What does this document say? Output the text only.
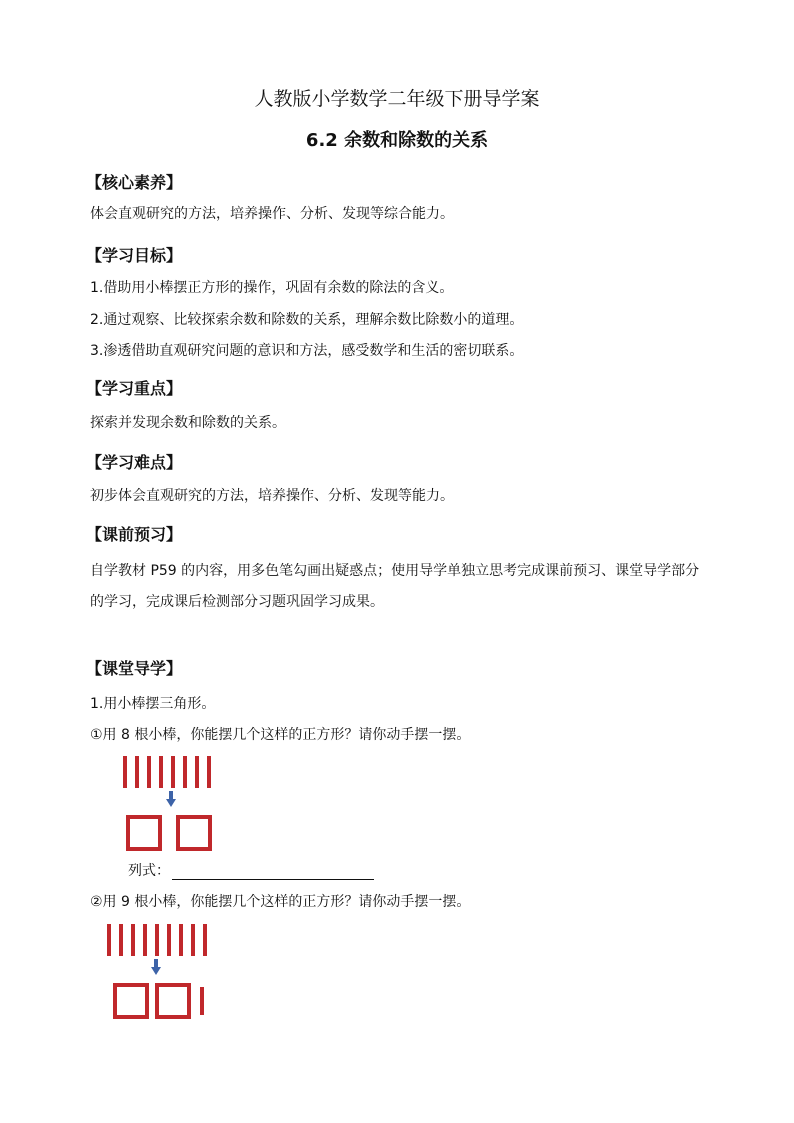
人教版小学数学二年级下册导学案
6.2 余数和除数的关系
【核心素养】
体会直观研究的方法，培养操作、分析、发现等综合能力。
【学习目标】
1.借助用小棒摆正方形的操作，巩固有余数的除法的含义。
2.通过观察、比较探索余数和除数的关系，理解余数比除数小的道理。
3.渗透借助直观研究问题的意识和方法，感受数学和生活的密切联系。
【学习重点】
探索并发现余数和除数的关系。
【学习难点】
初步体会直观研究的方法，培养操作、分析、发现等能力。
【课前预习】
自学教材 P59 的内容，用多色笔勾画出疑惑点；使用导学单独立思考完成课前预习、课堂导学部分的学习，完成课后检测部分习题巩固学习成果。
【课堂导学】
1.用小棒摆三角形。
①用 8 根小棒，你能摆几个这样的正方形？请你动手摆一摆。
列式：
②用 9 根小棒，你能摆几个这样的正方形？请你动手摆一摆。
